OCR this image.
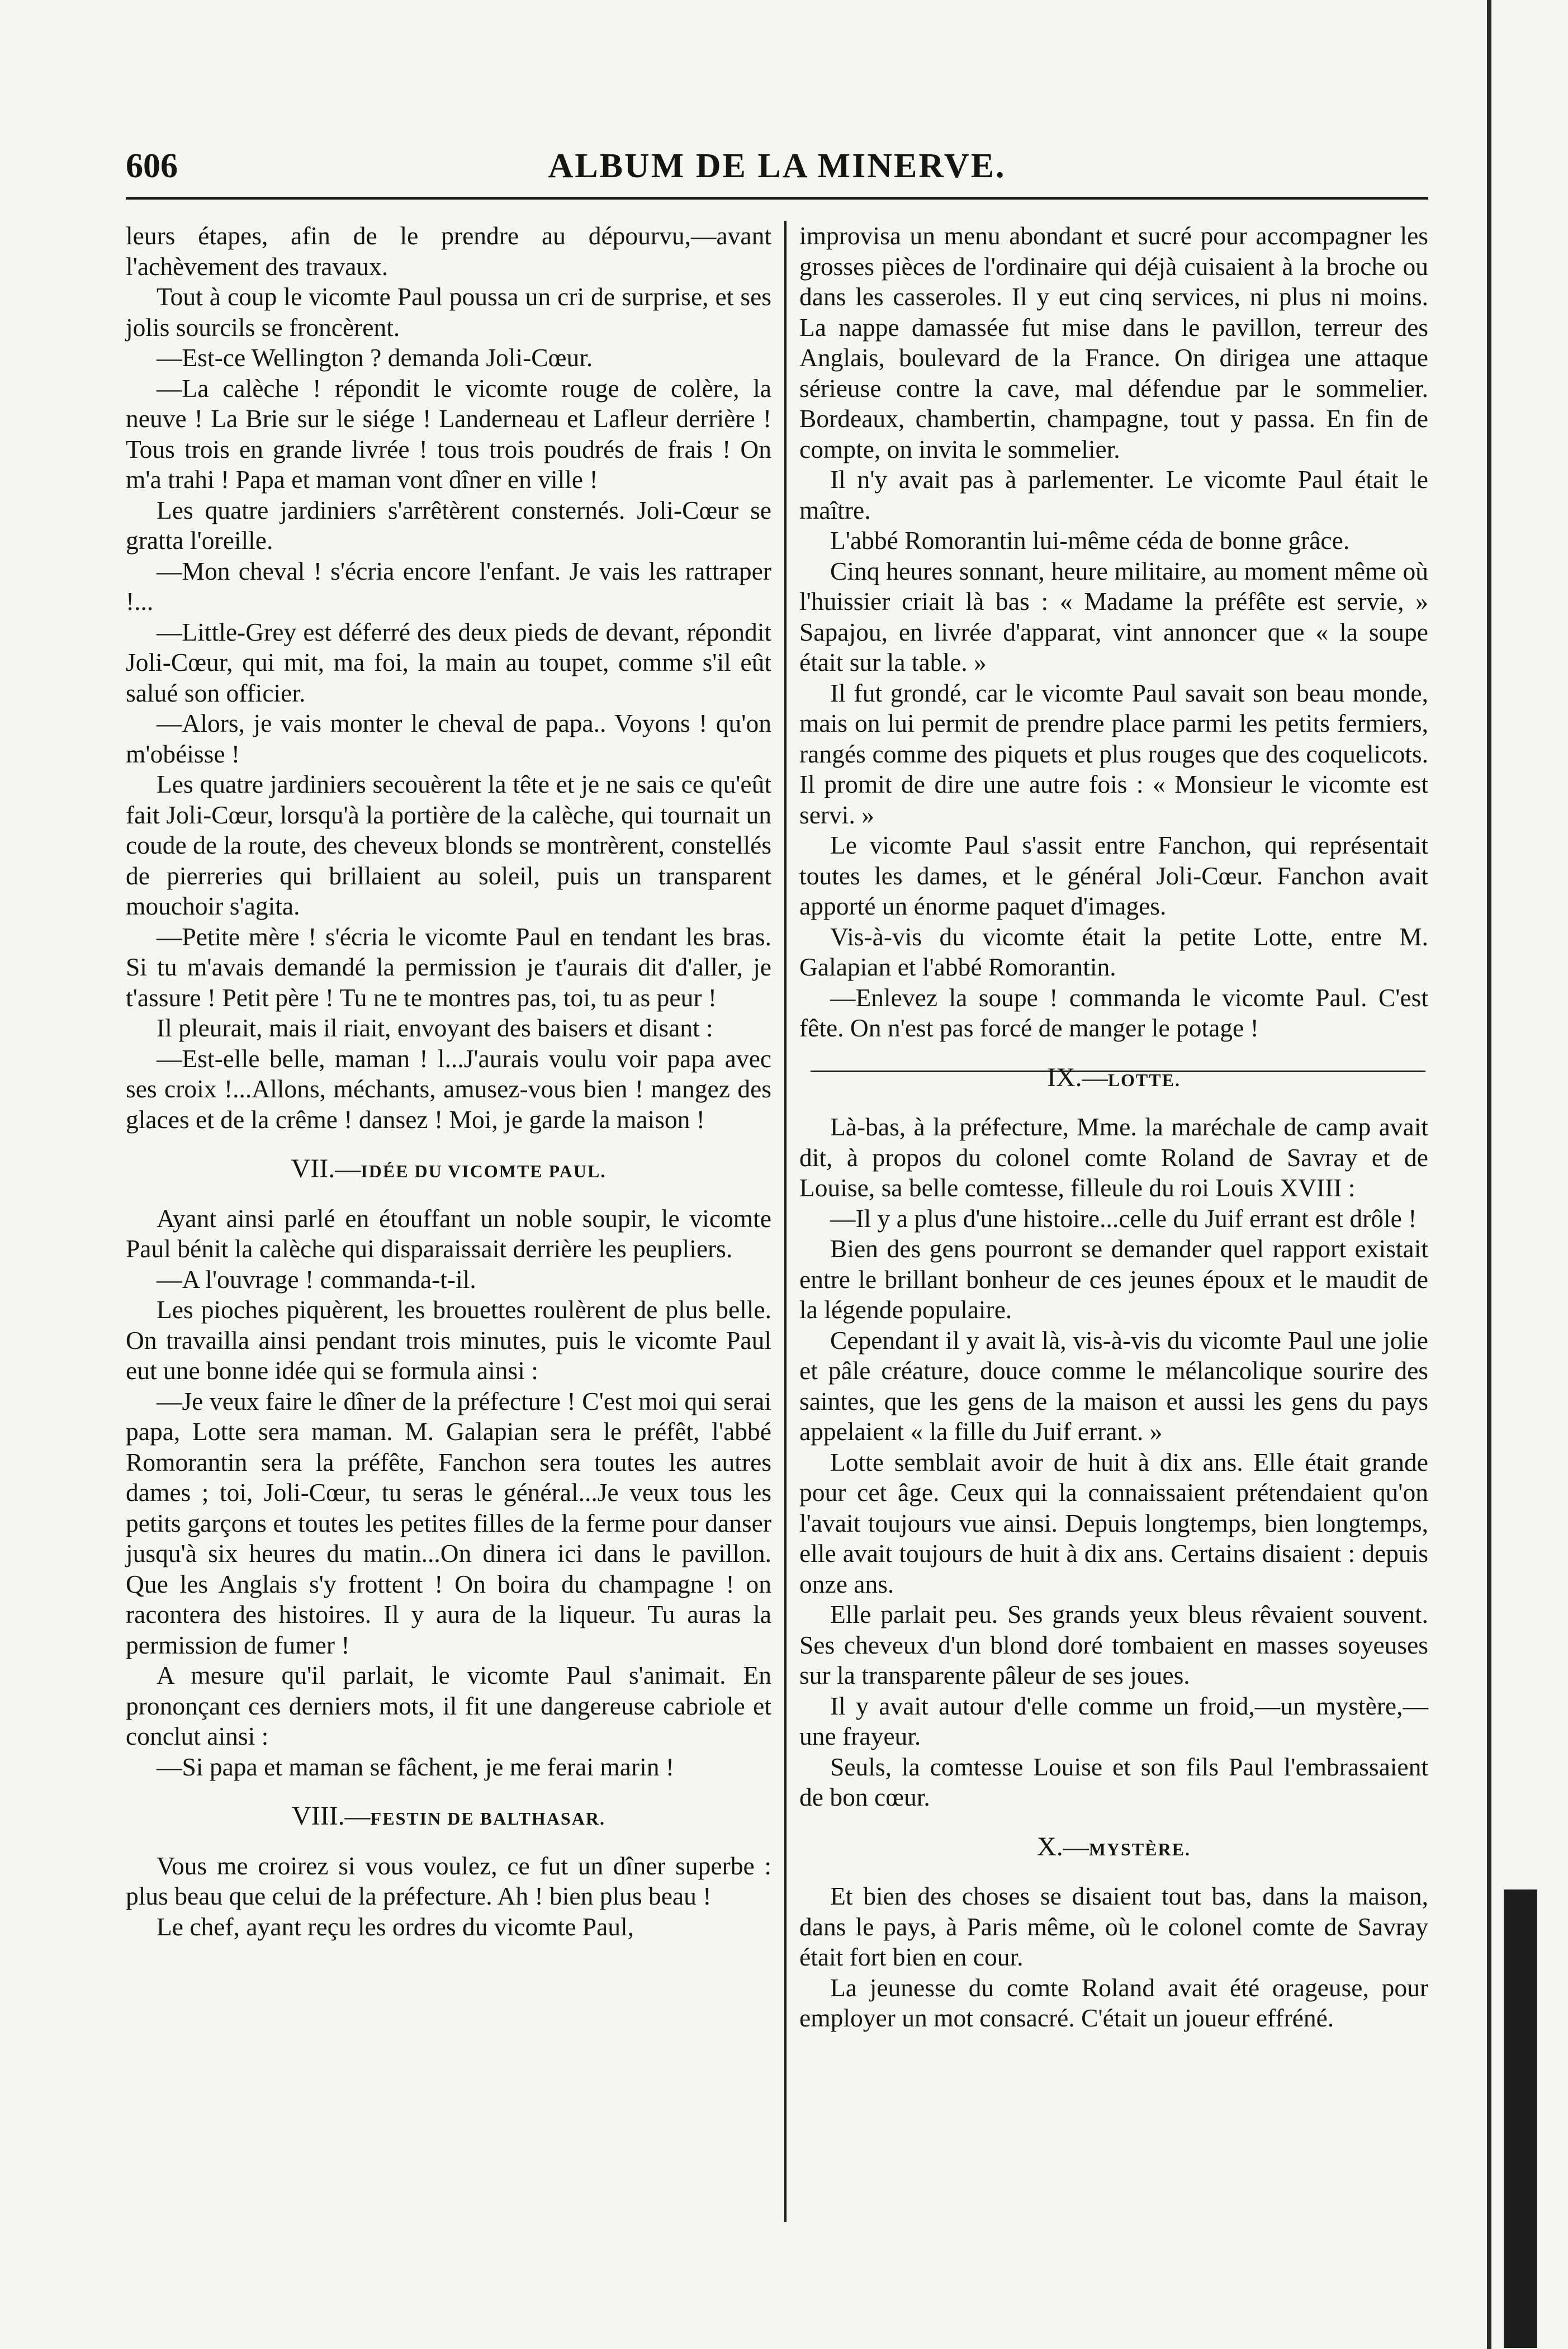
606	ALBUM DE LA MINERVE.

leurs étapes, afin de le prendre au dépourvu,—avant l'achèvement des travaux.

Tout à coup le vicomte Paul poussa un cri de surprise, et ses jolis sourcils se froncèrent.

—Est-ce Wellington ? demanda Joli-Cœur.

—La calèche ! répondit le vicomte rouge de colère, la neuve ! La Brie sur le siége ! Landerneau et Lafleur derrière ! Tous trois en grande livrée ! tous trois poudrés de frais ! On m'a trahi ! Papa et maman vont dîner en ville !

Les quatre jardiniers s'arrêtèrent consternés. Joli-Cœur se gratta l'oreille.

—Mon cheval ! s'écria encore l'enfant. Je vais les rattraper !...

—Little-Grey est déferré des deux pieds de devant, répondit Joli-Cœur, qui mit, ma foi, la main au toupet, comme s'il eût salué son officier.

—Alors, je vais monter le cheval de papa.. Voyons ! qu'on m'obéisse !

Les quatre jardiniers secouèrent la tête et je ne sais ce qu'eût fait Joli-Cœur, lorsqu'à la portière de la calèche, qui tournait un coude de la route, des cheveux blonds se montrèrent, constellés de pierreries qui brillaient au soleil, puis un transparent mouchoir s'agita.

—Petite mère ! s'écria le vicomte Paul en tendant les bras. Si tu m'avais demandé la permission je t'aurais dit d'aller, je t'assure ! Petit père ! Tu ne te montres pas, toi, tu as peur !

Il pleurait, mais il riait, envoyant des baisers et disant :

—Est-elle belle, maman ! l...J'aurais voulu voir papa avec ses croix !...Allons, méchants, amusez-vous bien ! mangez des glaces et de la crême ! dansez ! Moi, je garde la maison !

VII.—IDÉE DU VICOMTE PAUL.

Ayant ainsi parlé en étouffant un noble soupir, le vicomte Paul bénit la calèche qui disparaissait derrière les peupliers.

—A l'ouvrage ! commanda-t-il.

Les pioches piquèrent, les brouettes roulèrent de plus belle. On travailla ainsi pendant trois minutes, puis le vicomte Paul eut une bonne idée qui se formula ainsi :

—Je veux faire le dîner de la préfecture ! C'est moi qui serai papa, Lotte sera maman. M. Galapian sera le préfêt, l'abbé Romorantin sera la préfête, Fanchon sera toutes les autres dames ; toi, Joli-Cœur, tu seras le général...Je veux tous les petits garçons et toutes les petites filles de la ferme pour danser jusqu'à six heures du matin...On dinera ici dans le pavillon. Que les Anglais s'y frottent ! On boira du champagne ! on racontera des histoires. Il y aura de la liqueur. Tu auras la permission de fumer !

A mesure qu'il parlait, le vicomte Paul s'animait. En prononçant ces derniers mots, il fit une dangereuse cabriole et conclut ainsi :

—Si papa et maman se fâchent, je me ferai marin !

VIII.—FESTIN DE BALTHASAR.

Vous me croirez si vous voulez, ce fut un dîner superbe : plus beau que celui de la préfecture. Ah ! bien plus beau !

Le chef, ayant reçu les ordres du vicomte Paul,

improvisa un menu abondant et sucré pour accompagner les grosses pièces de l'ordinaire qui déjà cuisaient à la broche ou dans les casseroles. Il y eut cinq services, ni plus ni moins. La nappe damassée fut mise dans le pavillon, terreur des Anglais, boulevard de la France. On dirigea une attaque sérieuse contre la cave, mal défendue par le sommelier. Bordeaux, chambertin, champagne, tout y passa. En fin de compte, on invita le sommelier.

Il n'y avait pas à parlementer. Le vicomte Paul était le maître.

L'abbé Romorantin lui-même céda de bonne grâce.

Cinq heures sonnant, heure militaire, au moment même où l'huissier criait là bas : « Madame la préfête est servie, » Sapajou, en livrée d'apparat, vint annoncer que « la soupe était sur la table. »

Il fut grondé, car le vicomte Paul savait son beau monde, mais on lui permit de prendre place parmi les petits fermiers, rangés comme des piquets et plus rouges que des coquelicots. Il promit de dire une autre fois : « Monsieur le vicomte est servi. »

Le vicomte Paul s'assit entre Fanchon, qui représentait toutes les dames, et le général Joli-Cœur. Fanchon avait apporté un énorme paquet d'images.

Vis-à-vis du vicomte était la petite Lotte, entre M. Galapian et l'abbé Romorantin.

—Enlevez la soupe ! commanda le vicomte Paul. C'est fête. On n'est pas forcé de manger le potage !

IX.—LOTTE.

Là-bas, à la préfecture, Mme. la maréchale de camp avait dit, à propos du colonel comte Roland de Savray et de Louise, sa belle comtesse, filleule du roi Louis XVIII :

—Il y a plus d'une histoire...celle du Juif errant est drôle !

Bien des gens pourront se demander quel rapport existait entre le brillant bonheur de ces jeunes époux et le maudit de la légende populaire.

Cependant il y avait là, vis-à-vis du vicomte Paul une jolie et pâle créature, douce comme le mélancolique sourire des saintes, que les gens de la maison et aussi les gens du pays appelaient « la fille du Juif errant. »

Lotte semblait avoir de huit à dix ans. Elle était grande pour cet âge. Ceux qui la connaissaient prétendaient qu'on l'avait toujours vue ainsi. Depuis longtemps, bien longtemps, elle avait toujours de huit à dix ans. Certains disaient : depuis onze ans.

Elle parlait peu. Ses grands yeux bleus rêvaient souvent. Ses cheveux d'un blond doré tombaient en masses soyeuses sur la transparente pâleur de ses joues.

Il y avait autour d'elle comme un froid,—un mystère,—une frayeur.

Seuls, la comtesse Louise et son fils Paul l'embrassaient de bon cœur.

X.—MYSTÈRE.

Et bien des choses se disaient tout bas, dans la maison, dans le pays, à Paris même, où le colonel comte de Savray était fort bien en cour.

La jeunesse du comte Roland avait été orageuse, pour employer un mot consacré. C'était un joueur effréné.
